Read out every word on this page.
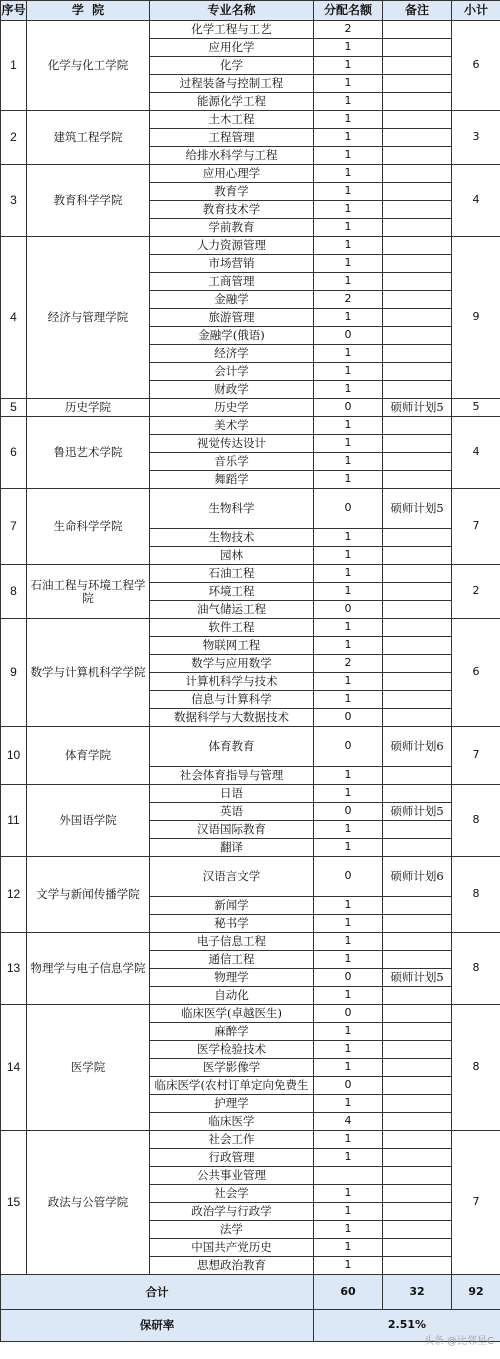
序号	学  院	专业名称	分配名额	备注	小计
1	化学与化工学院	化学工程与工艺	2		6
		应用化学	1		
		化学	1		
		过程装备与控制工程	1		
		能源化学工程	1		
2	建筑工程学院	土木工程	1		3
		工程管理	1		
		给排水科学与工程	1		
3	教育科学学院	应用心理学	1		4
		教育学	1		
		教育技术学	1		
		学前教育	1		
4	经济与管理学院	人力资源管理	1		9
		市场营销	1		
		工商管理	1		
		金融学	2		
		旅游管理	1		
		金融学(俄语)	0		
		经济学	1		
		会计学	1		
		财政学	1		
5	历史学院	历史学	0	硕师计划5	5
6	鲁迅艺术学院	美术学	1		4
		视觉传达设计	1		
		音乐学	1		
		舞蹈学	1		
7	生命科学学院	生物科学	0	硕师计划5	7
		生物技术	1		
		园林	1		
8	石油工程与环境工程学院	石油工程	1		2
		环境工程	1		
		油气储运工程	0		
9	数学与计算机科学学院	软件工程	1		6
		物联网工程	1		
		数学与应用数学	2		
		计算机科学与技术	1		
		信息与计算科学	1		
		数据科学与大数据技术	0		
10	体育学院	体育教育	0	硕师计划6	7
		社会体育指导与管理	1		
11	外国语学院	日语	1		8
		英语	0	硕师计划5	
		汉语国际教育	1		
		翻译	1		
12	文学与新闻传播学院	汉语言文学	0	硕师计划6	8
		新闻学	1		
		秘书学	1		
13	物理学与电子信息学院	电子信息工程	1		8
		通信工程	1		
		物理学	0	硕师计划5	
		自动化	1		
14	医学院	临床医学(卓越医生)	0		8
		麻醉学	1		
		医学检验技术	1		
		医学影像学	1		
		临床医学(农村订单定向免费生	0		
		护理学	1		
		临床医学	4		
15	政法与公管学院	社会工作	1		7
		行政管理	1		
		公共事业管理			
		社会学	1		
		政治学与行政学	1		
		法学	1		
		中国共产党历史	1		
		思想政治教育	1		
合计			60	32	92
保研率			2.51%		
头条 @比邻星C
